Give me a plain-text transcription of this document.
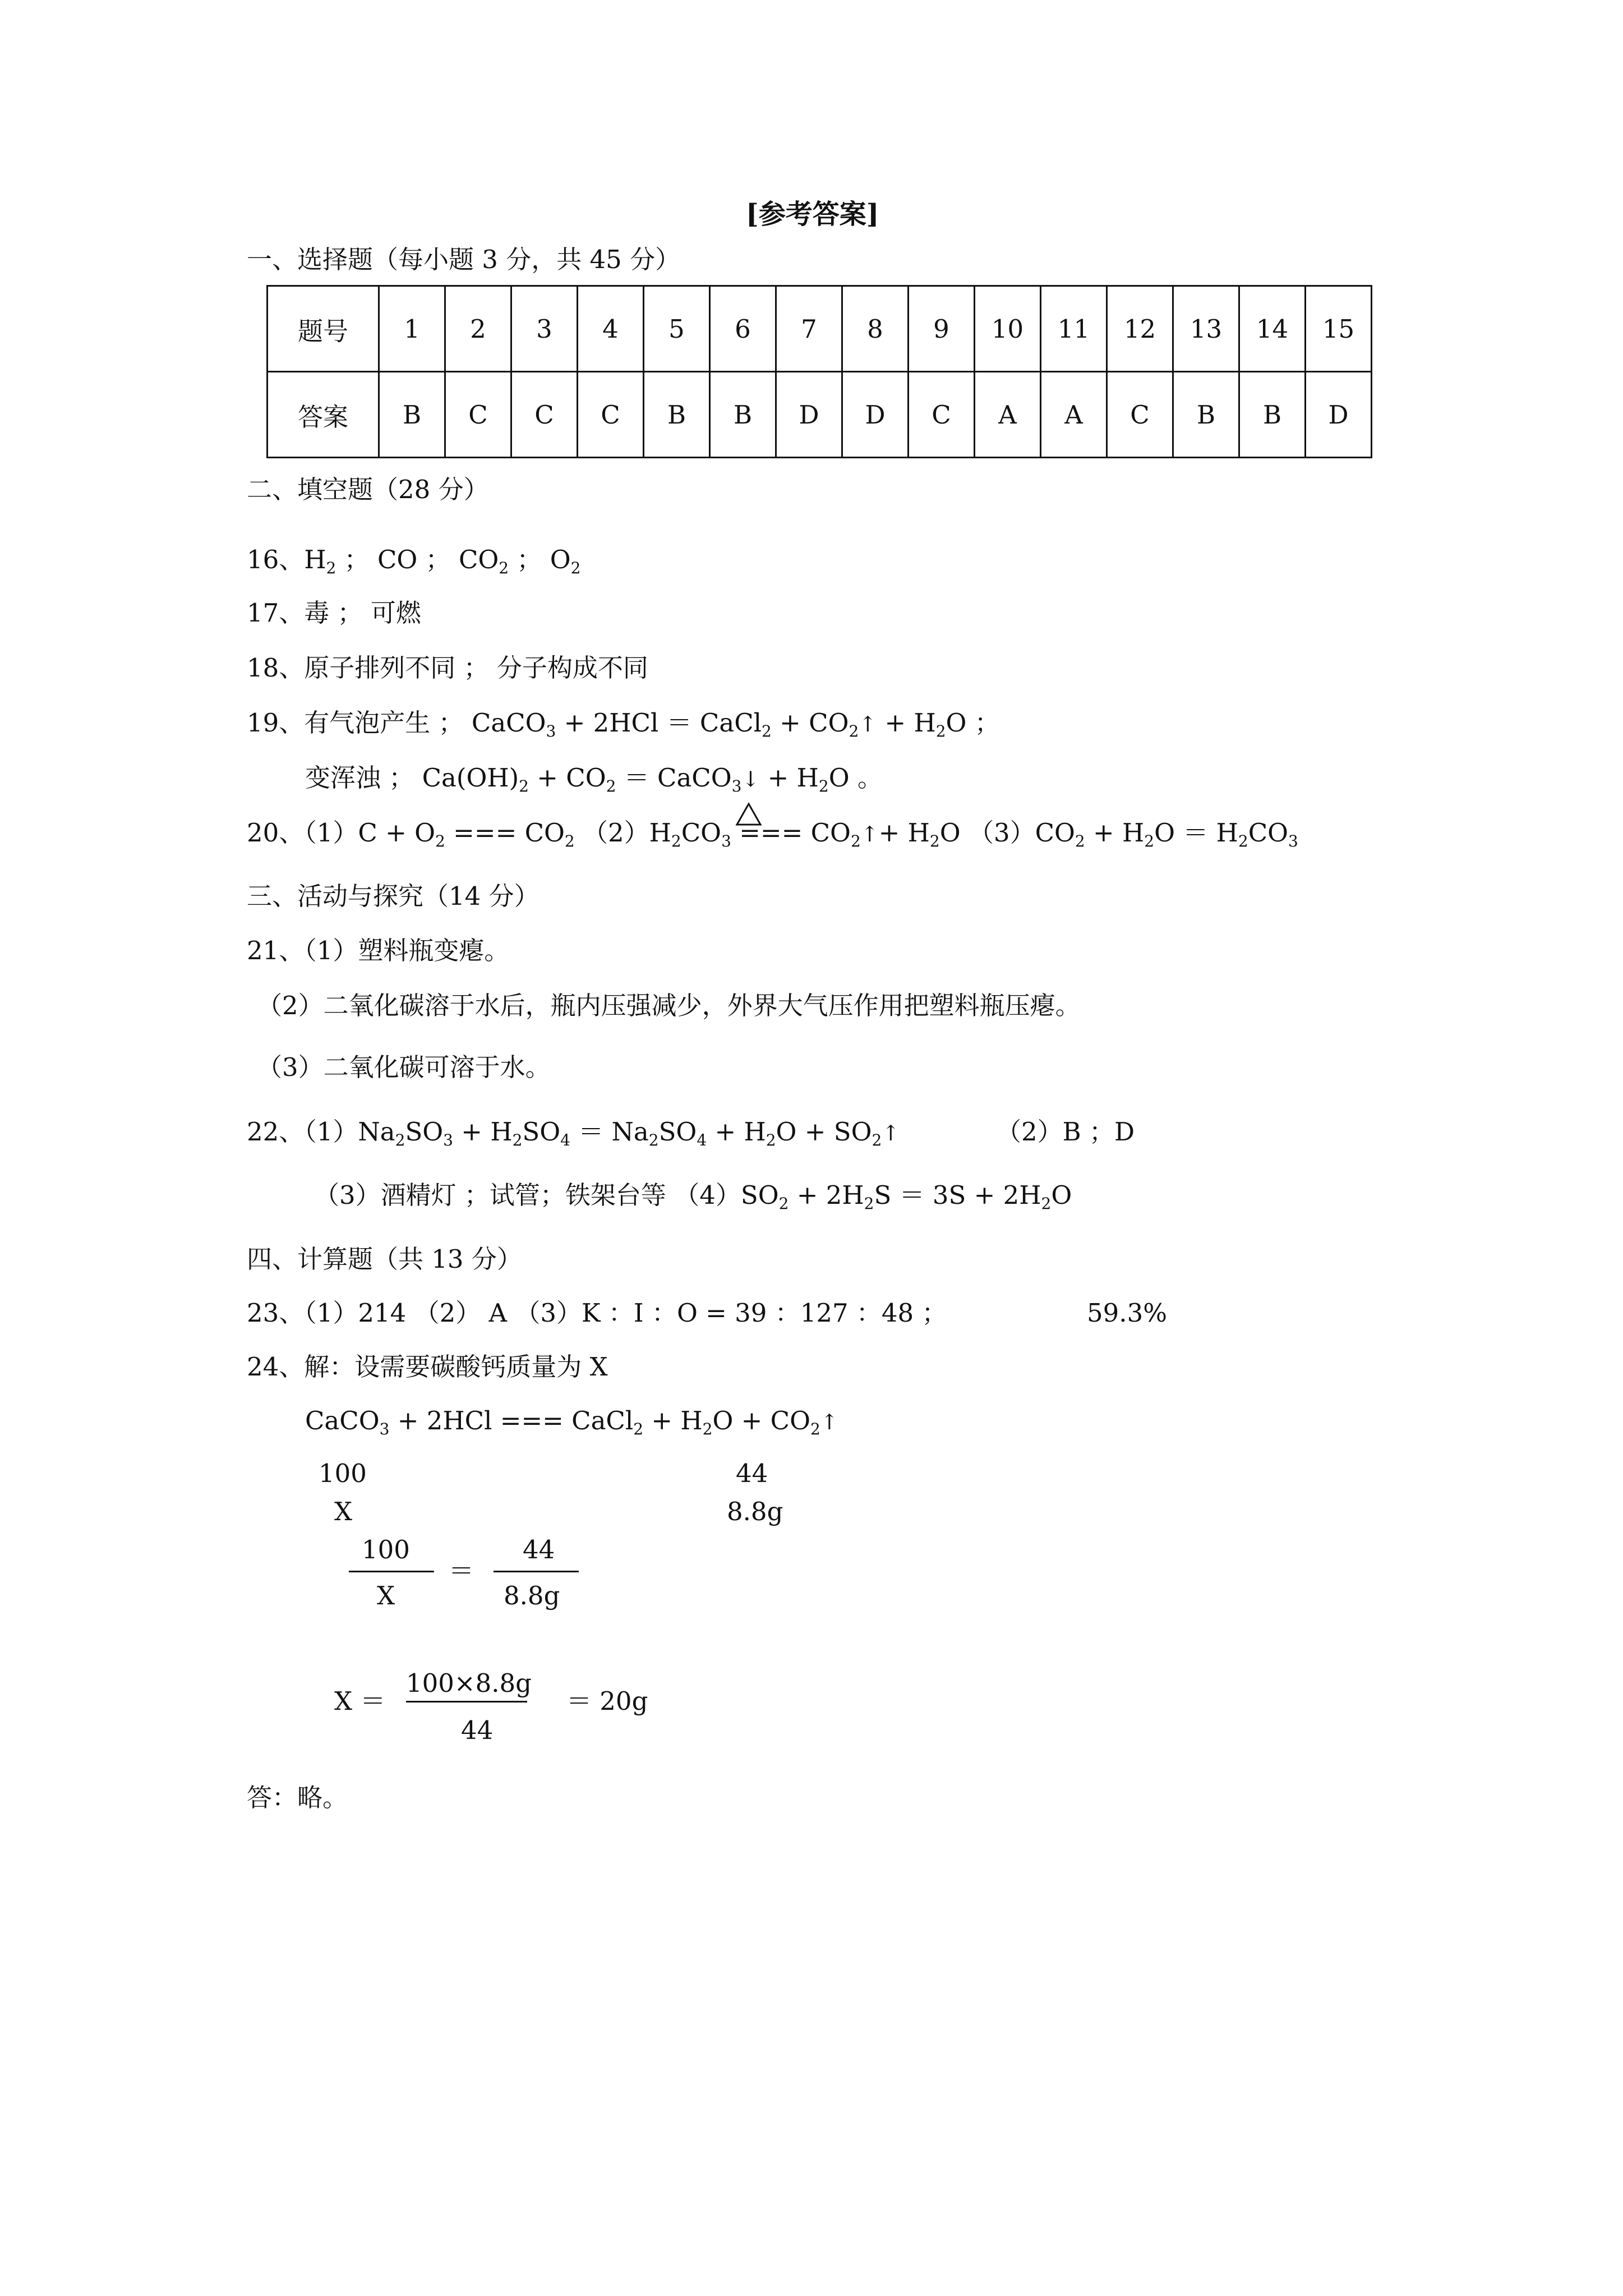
[参考答案]
一、选择题（每小题 3 分，共 45 分）
题号	1	2	3	4	5	6	7	8	9	10	11	12	13	14	15
答案	B	C	C	C	B	B	D	D	C	A	A	C	B	B	D
二、填空题（28 分）
16、$H_2$ ； CO ； $CO_2$ ； $O_2$
17、毒 ； 可燃
18、原子排列不同 ； 分子构成不同
19、有气泡产生 ； CaCO$_3$ + 2HCl ＝ CaCl$_2$ + $CO_2↑ + H_2O$ ；
变浑浊 ； $Ca(OH)_2 + CO_2$ ＝ CaCO$_3$↓ + $H_2O$ 。
20、$(1)C + O_2$ === $CO_2$ $(2)H_2CO_3$ === $CO_2↑+ H_2O$ $(3)CO_2 + H_2O = H_2CO_3$
三、活动与探究（14 分）
21、（1）塑料瓶变瘪。
（2）二氧化碳溶于水后，瓶内压强减少，外界大气压作用把塑料瓶压瘪。
（3）二氧化碳可溶于水。
22、$(1)Na_2SO_3 + H_2SO_4 = Na_2SO_4 + H_2O$ + $SO_2↑$	（2）B ；D
（3）酒精灯 ；试管；铁架台等 $(4)SO_2 + 2H_2S = 3S + 2H_2O$
四、计算题（共 13 分）
23、（1）214 （2） A （3）K ：I ：O = 39 ：127 ：48 ；	59.3%
24、解：设需要碳酸钙质量为 X
CaCO$_3$ + 2HCl === CaCl$_2$ + $H_2O$ + $CO_2↑$
100	44
X	8.8g
100
X
＝
44
8.8g
X ＝
100×8.8g
44
＝ 20g
答：略。
